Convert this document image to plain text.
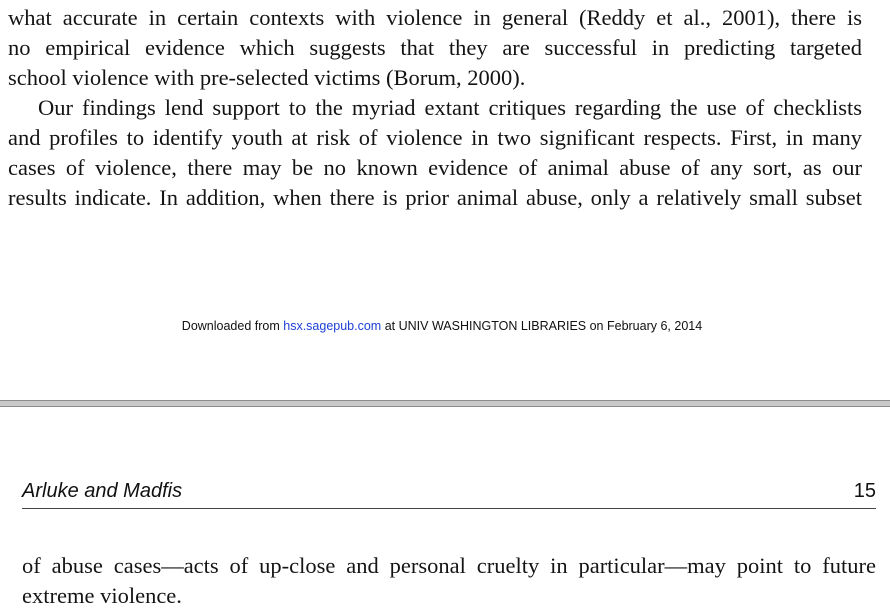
what accurate in certain contexts with violence in general (Reddy et al., 2001), there is
no empirical evidence which suggests that they are successful in predicting targeted
school violence with pre-selected victims (Borum, 2000).
Our findings lend support to the myriad extant critiques regarding the use of checklists
and profiles to identify youth at risk of violence in two significant respects. First, in many
cases of violence, there may be no known evidence of animal abuse of any sort, as our
results indicate. In addition, when there is prior animal abuse, only a relatively small subset
Downloaded from hsx.sagepub.com at UNIV WASHINGTON LIBRARIES on February 6, 2014
Arluke and Madfis	15
of abuse cases—acts of up-close and personal cruelty in particular—may point to future
extreme violence.
